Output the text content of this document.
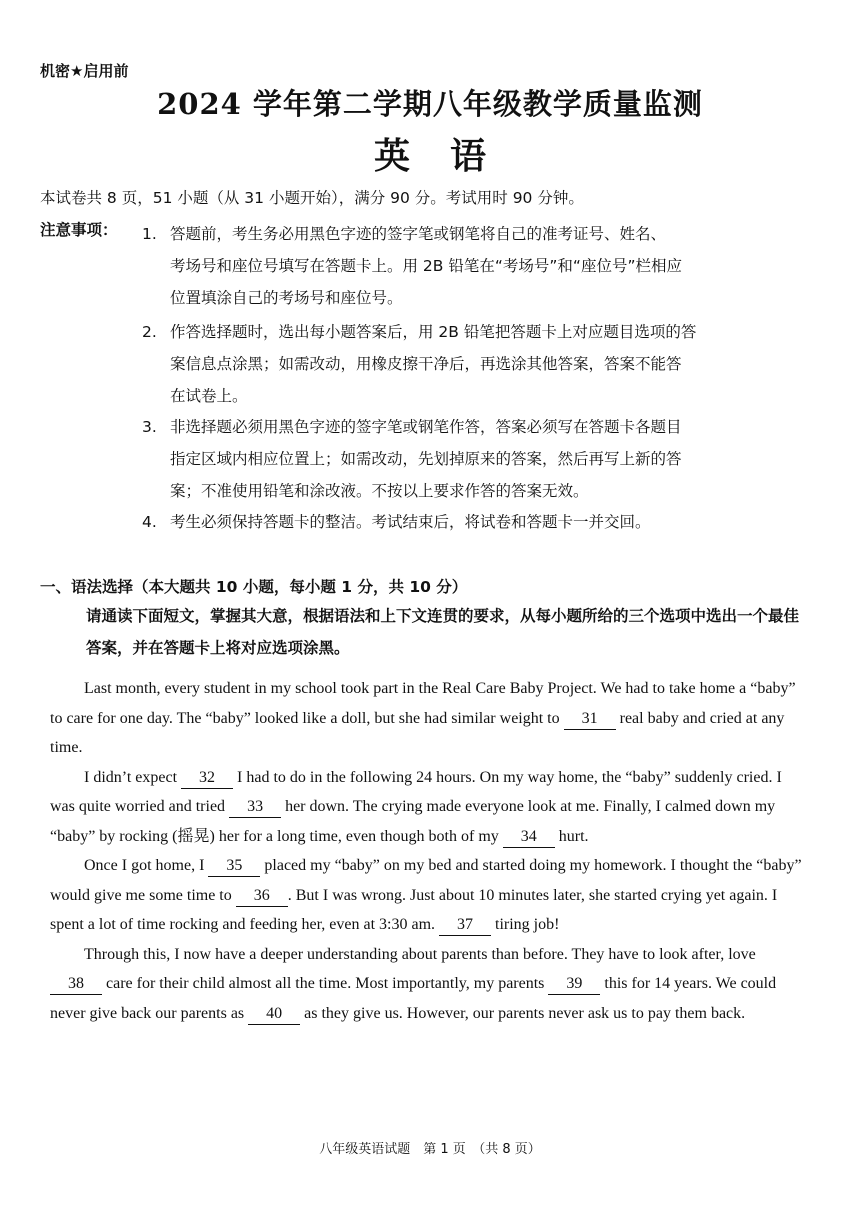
机密★启用前
2024 学年第二学期八年级教学质量监测
英语
本试卷共 8 页，51 小题（从 31 小题开始），满分 90 分。考试用时 90 分钟。
注意事项： 1. 答题前，考生务必用黑色字迹的签字笔或钢笔将自己的准考证号、姓名、
考场号和座位号填写在答题卡上。用 2B 铅笔在“考场号”和“座位号”栏相应
位置填涂自己的考场号和座位号。
2. 作答选择题时，选出每小题答案后，用 2B 铅笔把答题卡上对应题目选项的答
案信息点涂黑；如需改动，用橡皮擦干净后，再选涂其他答案，答案不能答
在试卷上。
3. 非选择题必须用黑色字迹的签字笔或钢笔作答，答案必须写在答题卡各题目
指定区域内相应位置上；如需改动，先划掉原来的答案，然后再写上新的答
案；不准使用铅笔和涂改液。不按以上要求作答的答案无效。
4. 考生必须保持答题卡的整洁。考试结束后，将试卷和答题卡一并交回。
一、语法选择（本大题共 10 小题，每小题 1 分，共 10 分）
请通读下面短文，掌握其大意，根据语法和上下文连贯的要求，从每小题所给的三个选项中选出一个最佳答案，并在答题卡上将对应选项涂黑。

Last month, every student in my school took part in the Real Care Baby Project. We had to take home a “baby” to care for one day. The “baby” looked like a doll, but she had similar weight to 31 real baby and cried at any time.

I didn’t expect 32 I had to do in the following 24 hours. On my way home, the “baby” suddenly cried. I was quite worried and tried 33 her down. The crying made everyone look at me. Finally, I calmed down my “baby” by rocking (摇晃) her for a long time, even though both of my 34 hurt.

Once I got home, I 35 placed my “baby” on my bed and started doing my homework. I thought the “baby” would give me some time to 36 . But I was wrong. Just about 10 minutes later, she started crying yet again. I spent a lot of time rocking and feeding her, even at 3:30 am. 37 tiring job!

Through this, I now have a deeper understanding about parents than before. They have to look after, love 38 care for their child almost all the time. Most importantly, my parents 39 this for 14 years. We could never give back our parents as 40 as they give us. However, our parents never ask us to pay them back.

八年级英语试题　第 1 页　（共 8 页）
